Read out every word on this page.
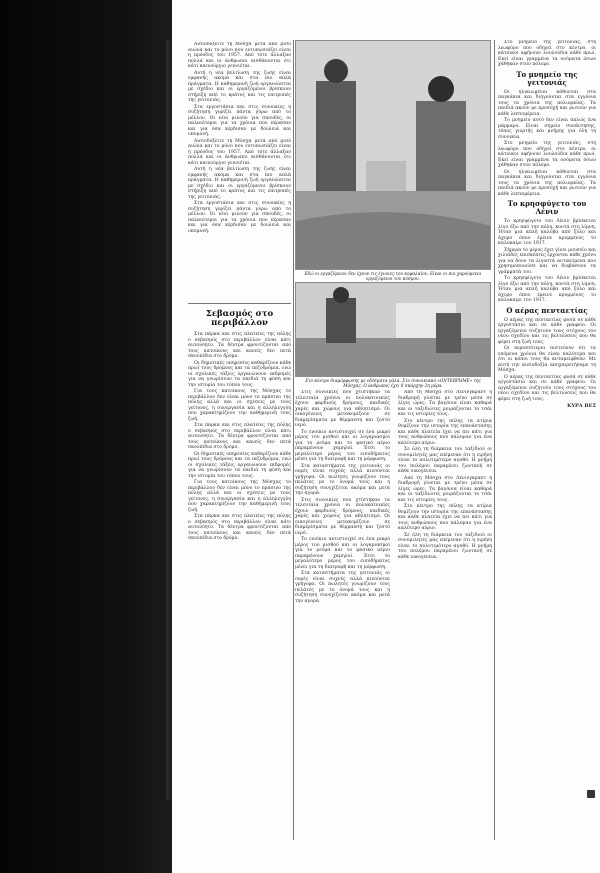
Αισιοδοξείτε τη Μόσχα μετά από μισό αιώνα και το μόνο που εντυπωσιάζει είναι η πρόοδος του 1957. Από τότε άλλαξαν πολλά και οι άνθρωποι αισθάνονται ότι κάτι καινούργιο γεννιέται.

Αυτή η νέα βελτίωση της ζωής είναι εμφανής ακόμα και στα πιο απλά πράγματα. Η καθημερινή ζωή οργανώνεται με σχέδιο και οι εργαζόμενοι βρίσκουν στήριξη από το κράτος και τις επιτροπές της γειτονιάς.

Στα εργοστάσια και στις συνοικίες η συζήτηση γυρίζει πάντα γύρω από το μέλλον. Οι νέοι μιλούν για σπουδές, οι παλαιότεροι για τα χρόνια που πέρασαν και για όσα κέρδισαν με δουλειά και υπομονή.

Αισιοδοξείτε τη Μόσχα μετά από μισό αιώνα και το μόνο που εντυπωσιάζει είναι η πρόοδος του 1957. Από τότε άλλαξαν πολλά και οι άνθρωποι αισθάνονται ότι κάτι καινούργιο γεννιέται.

Αυτή η νέα βελτίωση της ζωής είναι εμφανής ακόμα και στα πιο απλά πράγματα. Η καθημερινή ζωή οργανώνεται με σχέδιο και οι εργαζόμενοι βρίσκουν στήριξη από το κράτος και τις επιτροπές της γειτονιάς.

Στα εργοστάσια και στις συνοικίες η συζήτηση γυρίζει πάντα γύρω από το μέλλον. Οι νέοι μιλούν για σπουδές, οι παλαιότεροι για τα χρόνια που πέρασαν και για όσα κέρδισαν με δουλειά και υπομονή.

Σεβασμός στο περιβάλλον

Στα πάρκα και στις πλατείες της πόλης ο σεβασμός στο περιβάλλον είναι κάτι αυτονόητο. Τα δέντρα φροντίζονται από τους κατοίκους και κανείς δεν πετά σκουπίδια στο δρόμο.

Οι δημοτικές υπηρεσίες καθαρίζουν κάθε πρωί τους δρόμους και τα πεζοδρόμια, ενώ οι σχολικές τάξεις οργανώνουν εκδρομές για να γνωρίσουν τα παιδιά τη φύση και την ιστορία του τόπου τους.

Για τους κατοίκους της Μόσχας το περιβάλλον δεν είναι μόνο το πράσινο της πόλης αλλά και οι σχέσεις με τους γείτονες, η συνεργασία και η αλληλεγγύη που χαρακτηρίζουν την καθημερινή τους ζωή.

Στα πάρκα και στις πλατείες της πόλης ο σεβασμός στο περιβάλλον είναι κάτι αυτονόητο. Τα δέντρα φροντίζονται από τους κατοίκους και κανείς δεν πετά σκουπίδια στο δρόμο.

Οι δημοτικές υπηρεσίες καθαρίζουν κάθε πρωί τους δρόμους και τα πεζοδρόμια, ενώ οι σχολικές τάξεις οργανώνουν εκδρομές για να γνωρίσουν τα παιδιά τη φύση και την ιστορία του τόπου τους.

Για τους κατοίκους της Μόσχας το περιβάλλον δεν είναι μόνο το πράσινο της πόλης αλλά και οι σχέσεις με τους γείτονες, η συνεργασία και η αλληλεγγύη που χαρακτηρίζουν την καθημερινή τους ζωή.

Στα πάρκα και στις πλατείες της πόλης ο σεβασμός στο περιβάλλον είναι κάτι αυτονόητο. Τα δέντρα φροντίζονται από τους κατοίκους και κανείς δεν πετά σκουπίδια στο δρόμο.

Εδώ οι εργαζόμενοι δεν έχουν τις έγνοιες του κεφαλαίου. Είναι οι πιο χαρούμενοι εργαζόμενοι του κόσμου.
Στο κέντρο διαμόρφωσης με εδέσματα γάλα. Στο συνοικιακό «ΟΝΤΕΒΡΗΜΕ» της Μόσχας. Ο άνθρωπος έχει 8 σκάρχην 2η μέρα.

Στις συνοικίες που χτίστηκαν τα τελευταία χρόνια οι πολυκατοικίες έχουν φαρδιούς δρόμους, παιδικές χαρές και χώρους για αθλητισμό. Οι οικογένειες μετακομίζουν σε διαμερίσματα με θέρμανση και ζεστό νερό.

Το ενοίκιο αντιστοιχεί σε ένα μικρό μέρος του μισθού και οι λογαριασμοί για το ρεύμα και το φυσικό αέριο παραμένουν χαμηλοί. Έτσι το μεγαλύτερο μέρος του εισοδήματος μένει για τη διατροφή και τη μόρφωση.

Στα καταστήματα της γειτονιάς οι ουρές είναι συχνές αλλά κινούνται γρήγορα. Οι πωλητές γνωρίζουν τους πελάτες με το όνομά τους και η συζήτηση συνεχίζεται ακόμα και μετά την αγορά.

Στις συνοικίες που χτίστηκαν τα τελευταία χρόνια οι πολυκατοικίες έχουν φαρδιούς δρόμους, παιδικές χαρές και χώρους για αθλητισμό. Οι οικογένειες μετακομίζουν σε διαμερίσματα με θέρμανση και ζεστό νερό.

Το ενοίκιο αντιστοιχεί σε ένα μικρό μέρος του μισθού και οι λογαριασμοί για το ρεύμα και το φυσικό αέριο παραμένουν χαμηλοί. Έτσι το μεγαλύτερο μέρος του εισοδήματος μένει για τη διατροφή και τη μόρφωση.

Στα καταστήματα της γειτονιάς οι ουρές είναι συχνές αλλά κινούνται γρήγορα. Οι πωλητές γνωρίζουν τους πελάτες με το όνομά τους και η συζήτηση συνεχίζεται ακόμα και μετά την αγορά.

Από τη Μόσχα στο Λένινγκραντ η διαδρομή γίνεται με τρένο μέσα σε λίγες ώρες. Τα βαγόνια είναι καθαρά και οι ταξιδιώτες μοιράζονται το τσάι και τις ιστορίες τους.

Στο κέντρο της πόλης τα κτίρια θυμίζουν την ιστορία της επανάστασης και κάθε πλατεία έχει να πει κάτι για τους ανθρώπους που πάλεψαν για ένα καλύτερο αύριο.

Σε όλη τη διάρκεια του ταξιδιού οι συνομιλητές μας επέμεναν ότι η ειρήνη είναι το πολυτιμότερο αγαθό. Η μνήμη του πολέμου παραμένει ζωντανή σε κάθε οικογένεια.

Από τη Μόσχα στο Λένινγκραντ η διαδρομή γίνεται με τρένο μέσα σε λίγες ώρες. Τα βαγόνια είναι καθαρά και οι ταξιδιώτες μοιράζονται το τσάι και τις ιστορίες τους.

Στο κέντρο της πόλης τα κτίρια θυμίζουν την ιστορία της επανάστασης και κάθε πλατεία έχει να πει κάτι για τους ανθρώπους που πάλεψαν για ένα καλύτερο αύριο.

Σε όλη τη διάρκεια του ταξιδιού οι συνομιλητές μας επέμεναν ότι η ειρήνη είναι το πολυτιμότερο αγαθό. Η μνήμη του πολέμου παραμένει ζωντανή σε κάθε οικογένεια.

Στο μνημείο της γειτονιάς, στη λεωφόρο που οδηγεί στο κέντρο, οι κάτοικοι αφήνουν λουλούδια κάθε πρωί. Εκεί είναι γραμμένα τα ονόματα όσων χάθηκαν στον πόλεμο.

Το μνημείο της γειτονιάς

Οι ηλικιωμένοι κάθονται στα παγκάκια και διηγούνται στα εγγόνια τους τα χρόνια της πολιορκίας. Τα παιδιά ακούν με προσοχή και ρωτούν για κάθε λεπτομέρεια.

Το μνημείο αυτό δεν είναι απλώς ένα μάρμαρο. Είναι σημείο συνάντησης, τόπος γιορτής και μνήμης για όλη τη συνοικία.

Στο μνημείο της γειτονιάς, στη λεωφόρο που οδηγεί στο κέντρο, οι κάτοικοι αφήνουν λουλούδια κάθε πρωί. Εκεί είναι γραμμένα τα ονόματα όσων χάθηκαν στον πόλεμο.

Οι ηλικιωμένοι κάθονται στα παγκάκια και διηγούνται στα εγγόνια τους τα χρόνια της πολιορκίας. Τα παιδιά ακούν με προσοχή και ρωτούν για κάθε λεπτομέρεια.

Το κρησφύγετο του Λένιν

Το κρησφύγετο του Λένιν βρίσκεται λίγο έξω από την πόλη, κοντά στη λίμνη. Ήταν μια απλή καλύβα από ξύλο και άχυρο όπου έμεινε κρυμμένος το καλοκαίρι του 1917.

Σήμερα το μέρος έχει γίνει μουσείο και χιλιάδες επισκέπτες έρχονται κάθε χρόνο για να δουν τα λιγοστά αντικείμενα που χρησιμοποιούσε και να διαβάσουν τα γράμματά του.

Το κρησφύγετο του Λένιν βρίσκεται λίγο έξω από την πόλη, κοντά στη λίμνη. Ήταν μια απλή καλύβα από ξύλο και άχυρο όπου έμεινε κρυμμένος το καλοκαίρι του 1917.

Ο αέρας πενταετίας

Ο αέρας της πενταετίας φυσά σε κάθε εργοστάσιο και σε κάθε γραφείο. Οι εργαζόμενοι συζητούν τους στόχους του νέου σχεδίου και τις βελτιώσεις που θα φέρει στη ζωή τους.

Οι περισσότεροι πιστεύουν ότι τα επόμενα χρόνια θα είναι καλύτερα και ότι οι κόποι τους θα ανταμειφθούν. Με αυτή την αισιοδοξία αποχαιρετήσαμε τη Μόσχα.

Ο αέρας της πενταετίας φυσά σε κάθε εργοστάσιο και σε κάθε γραφείο. Οι εργαζόμενοι συζητούν τους στόχους του νέου σχεδίου και τις βελτιώσεις που θα φέρει στη ζωή τους.

ΚΥΡΑ ΒΕΣ
